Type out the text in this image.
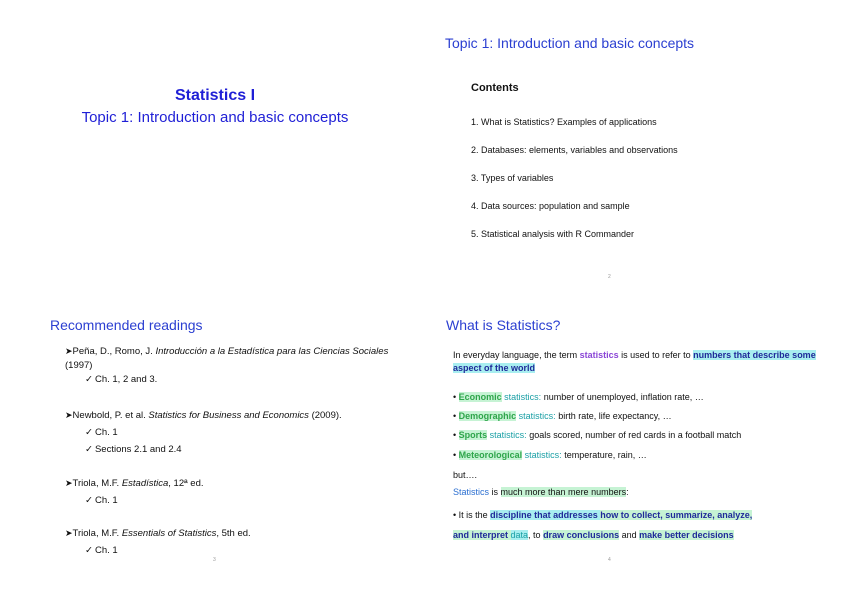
Statistics I
Topic 1: Introduction and basic concepts
Topic 1: Introduction and basic concepts
Contents
1. What is Statistics? Examples of applications
2. Databases: elements, variables and observations
3. Types of variables
4. Data sources: population and sample
5. Statistical analysis with R Commander
2
Recommended readings
➤Peña, D., Romo, J. Introducción a la Estadística para las Ciencias Sociales (1997)
✓ Ch. 1, 2 and 3.
➤Newbold, P. et al. Statistics for Business and Economics (2009).
✓ Ch. 1
✓ Sections 2.1 and 2.4
➤Triola, M.F. Estadística, 12ª ed.
✓ Ch. 1
➤Triola, M.F. Essentials of Statistics, 5th ed.
✓ Ch. 1
3
What is Statistics?
In everyday language, the term statistics is used to refer to numbers that describe some aspect of the world
• Economic statistics: number of unemployed, inflation rate, …
• Demographic statistics: birth rate, life expectancy, …
• Sports statistics: goals scored, number of red cards in a football match
• Meteorological statistics: temperature, rain, …
but….
Statistics is much more than mere numbers:
• It is the discipline that addresses how to collect, summarize, analyze,
and interpret data, to draw conclusions and make better decisions
4
